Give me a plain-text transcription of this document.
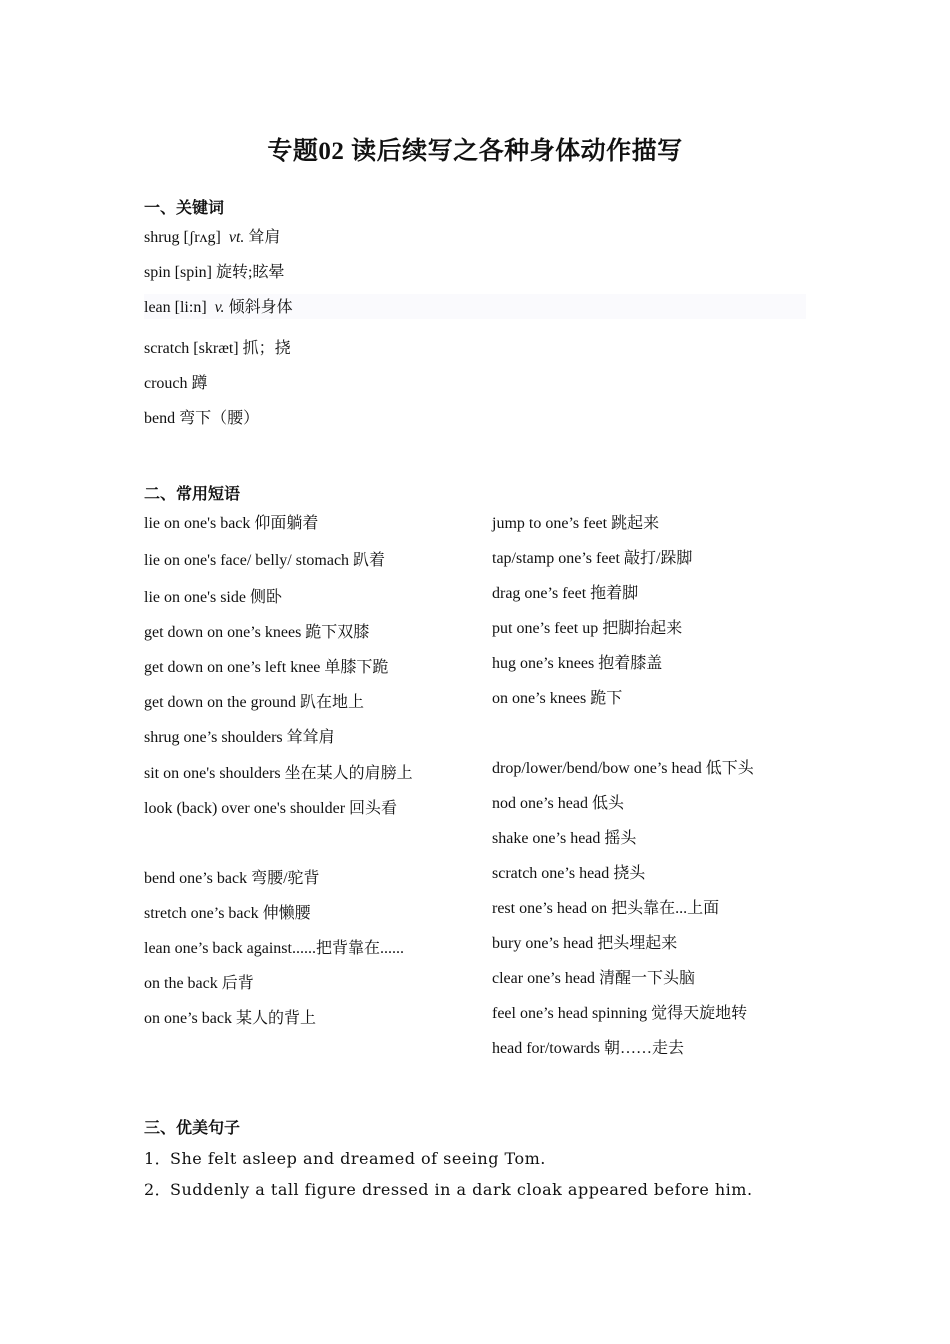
专题02 读后续写之各种身体动作描写
一、关键词
shrug [ʃrʌg] vt. 耸肩
spin [spin] 旋转;眩晕
lean [li:n] v. 倾斜身体
scratch [skræt] 抓；挠
crouch 蹲
bend 弯下（腰）
二、常用短语
lie on one's back 仰面躺着
lie on one's face/ belly/ stomach 趴着
lie on one's side 侧卧
get down on one’s knees 跪下双膝
get down on one’s left knee 单膝下跪
get down on the ground 趴在地上
shrug one’s shoulders 耸耸肩
sit on one's shoulders 坐在某人的肩膀上
look (back) over one's shoulder 回头看
bend one’s back 弯腰/驼背
stretch one’s back 伸懒腰
lean one’s back against......把背靠在......
on the back 后背
on one’s back 某人的背上
jump to one’s feet 跳起来
tap/stamp one’s feet 敲打/跺脚
drag one’s feet 拖着脚
put one’s feet up 把脚抬起来
hug one’s knees 抱着膝盖
on one’s knees 跪下
drop/lower/bend/bow one’s head 低下头
nod one’s head 低头
shake one’s head 摇头
scratch one’s head 挠头
rest one’s head on 把头靠在...上面
bury one’s head 把头埋起来
clear one’s head 清醒一下头脑
feel one’s head spinning 觉得天旋地转
head for/towards 朝……走去
三、优美句子
1．She felt asleep and dreamed of seeing Tom.
2．Suddenly a tall figure dressed in a dark cloak appeared before him.
